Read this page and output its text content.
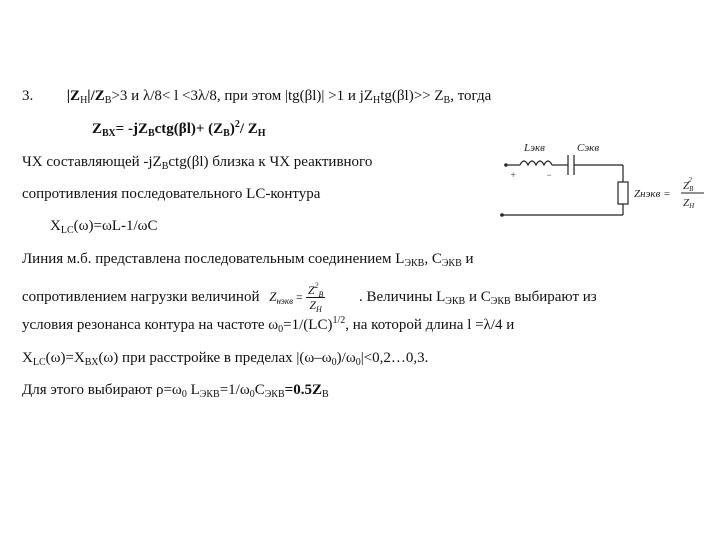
3. $|Z_Н|/Z_В>3$ и λ/8< l <3λ/8, при этом |tg(βl)| >1 и $jZ_Нtg(\beta l)>> Z_В$, тогда
$Z_{ВХ}= -jZ_Вctg(\beta l)+ (Z_В)^2/$ $Z_Н$
ЧХ составляющей $-jZ_Вctg(\beta l)$ близка к ЧХ реактивного
сопротивления последовательного LC-контура
$X_{LC}(\omega)=\omega L-1/\omega C$
Линия м.б. представлена последовательным соединением $L_{ЭКВ}$, $C_{ЭКВ}$ и
сопротивлением нагрузки величиной $Z_{нэкв} = \frac{Z^2_В}{Z_Н}$ . Величины $L_{ЭКВ}$ и $C_{ЭКВ}$ выбирают из
условия резонанса контура на частоте $\omega_0=1/(LC)^{1/2}$, на которой длина l =λ/4 и
$X_{LC}(\omega)=X_{ВХ}(\omega)$ при расстройке в пределах $|(\omega-\omega_0)/\omega_0|<0,2\dots 0,3$.
Для этого выбирают $\rho=\omega_0$ $L_{ЭКВ}=1/\omega_0C_{ЭКВ}=0.5Z_В$
Lэкв	Cэкв
+	−
Zнэкв =
ZВ2
ZН
